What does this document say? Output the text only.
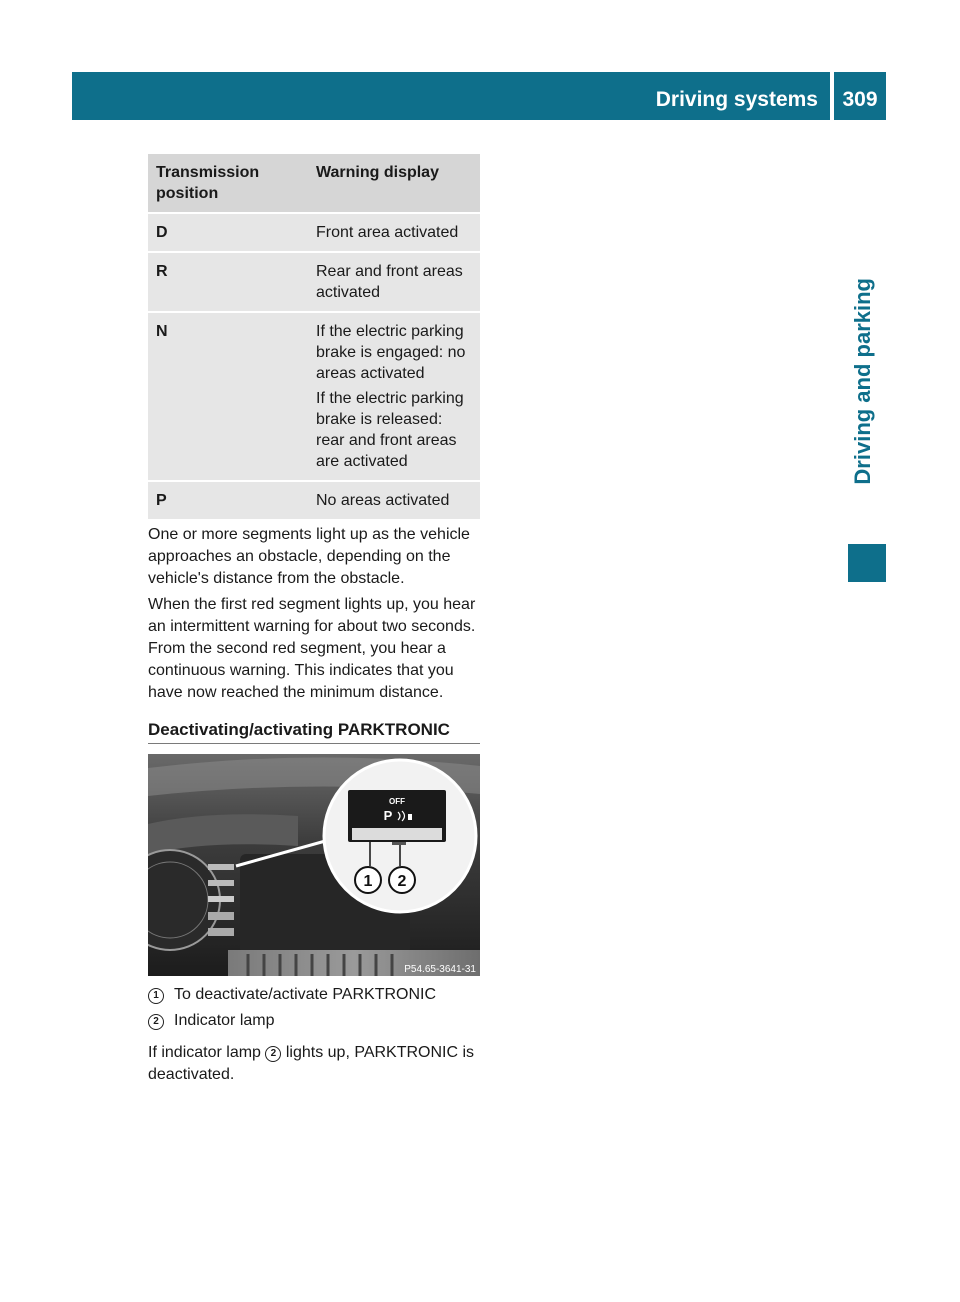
Driving systems	309
Driving and parking
Transmission position	Warning display
D	Front area activated

R	Rear and front areas activated

N	If the electric parking brake is engaged: no areas activated

If the electric parking brake is released: rear and front areas are activated

P	No areas activated

One or more segments light up as the vehicle approaches an obstacle, depending on the vehicle's distance from the obstacle.

When the first red segment lights up, you hear an intermittent warning for about two seconds. From the second red segment, you hear a continuous warning. This indicates that you have now reached the minimum distance.

Deactivating/activating PARKTRONIC
OFF
P
1 2
P54.65-3641-31
1 To deactivate/activate PARKTRONIC
2 Indicator lamp

If indicator lamp 2 lights up, PARKTRONIC is deactivated.
